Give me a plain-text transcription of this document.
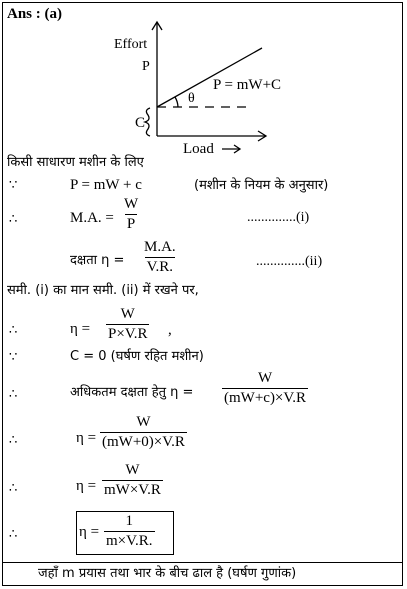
Ans : (a)
Effort
P
P = mW+C
θ
C
Load
किसी साधारण मशीन के लिए
∵	P = mW + c	(मशीन के नियम के अनुसार)
∴	M.A. = $\frac{W}{P}$	..............(i)
दक्षता $\eta = \frac{M.A.}{V.R.}$	..............(ii)
समी. (i) का मान समी. (ii) में रखने पर,
∴	$\eta = \frac{W}{P\times V.R}$ ,
∵	C = 0 (घर्षण रहित मशीन)
∴	अधिकतम दक्षता हेतु $\eta = \frac{W}{(mW+c)\times V.R}$
∴	$\eta = \frac{W}{(mW+0)\times V.R}$
∴	$\eta = \frac{W}{mW\times V.R}$
∴	$\eta = \frac{1}{m\times V.R.}$
जहाँ m प्रयास तथा भार के बीच ढाल है (घर्षण गुणांक)
